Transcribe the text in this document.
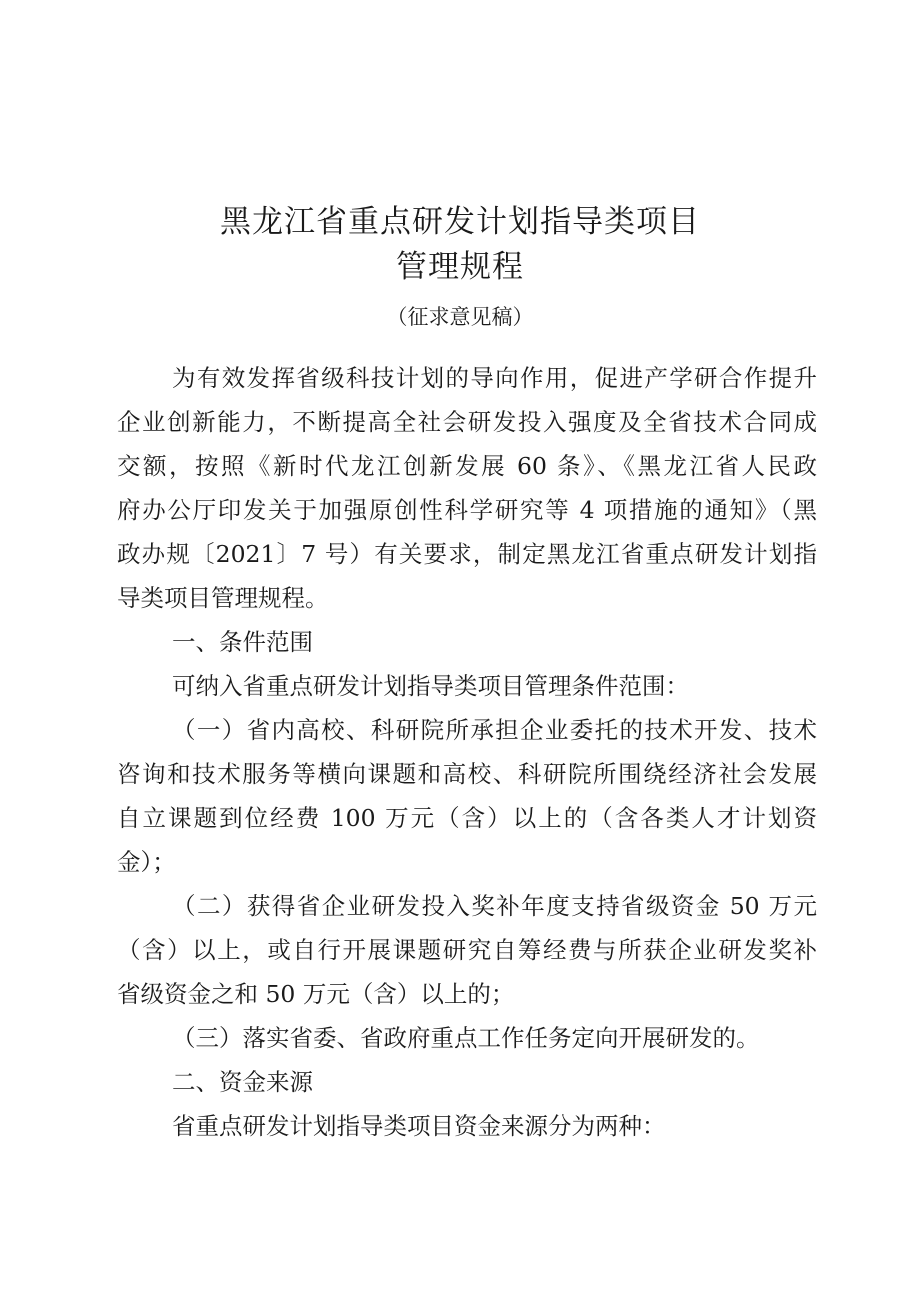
黑龙江省重点研发计划指导类项目
管理规程
（征求意见稿）
为有效发挥省级科技计划的导向作用，促进产学研合作提升
企业创新能力，不断提高全社会研发投入强度及全省技术合同成
交额，按照《新时代龙江创新发展 60 条》、《黑龙江省人民政
府办公厅印发关于加强原创性科学研究等 4 项措施的通知》（黑
政办规〔2021〕7 号）有关要求，制定黑龙江省重点研发计划指
导类项目管理规程。
一、条件范围
可纳入省重点研发计划指导类项目管理条件范围：
（一）省内高校、科研院所承担企业委托的技术开发、技术
咨询和技术服务等横向课题和高校、科研院所围绕经济社会发展
自立课题到位经费 100 万元（含）以上的（含各类人才计划资
金）；
（二）获得省企业研发投入奖补年度支持省级资金 50 万元
（含）以上，或自行开展课题研究自筹经费与所获企业研发奖补
省级资金之和 50 万元（含）以上的；
（三）落实省委、省政府重点工作任务定向开展研发的。
二、资金来源
省重点研发计划指导类项目资金来源分为两种：
